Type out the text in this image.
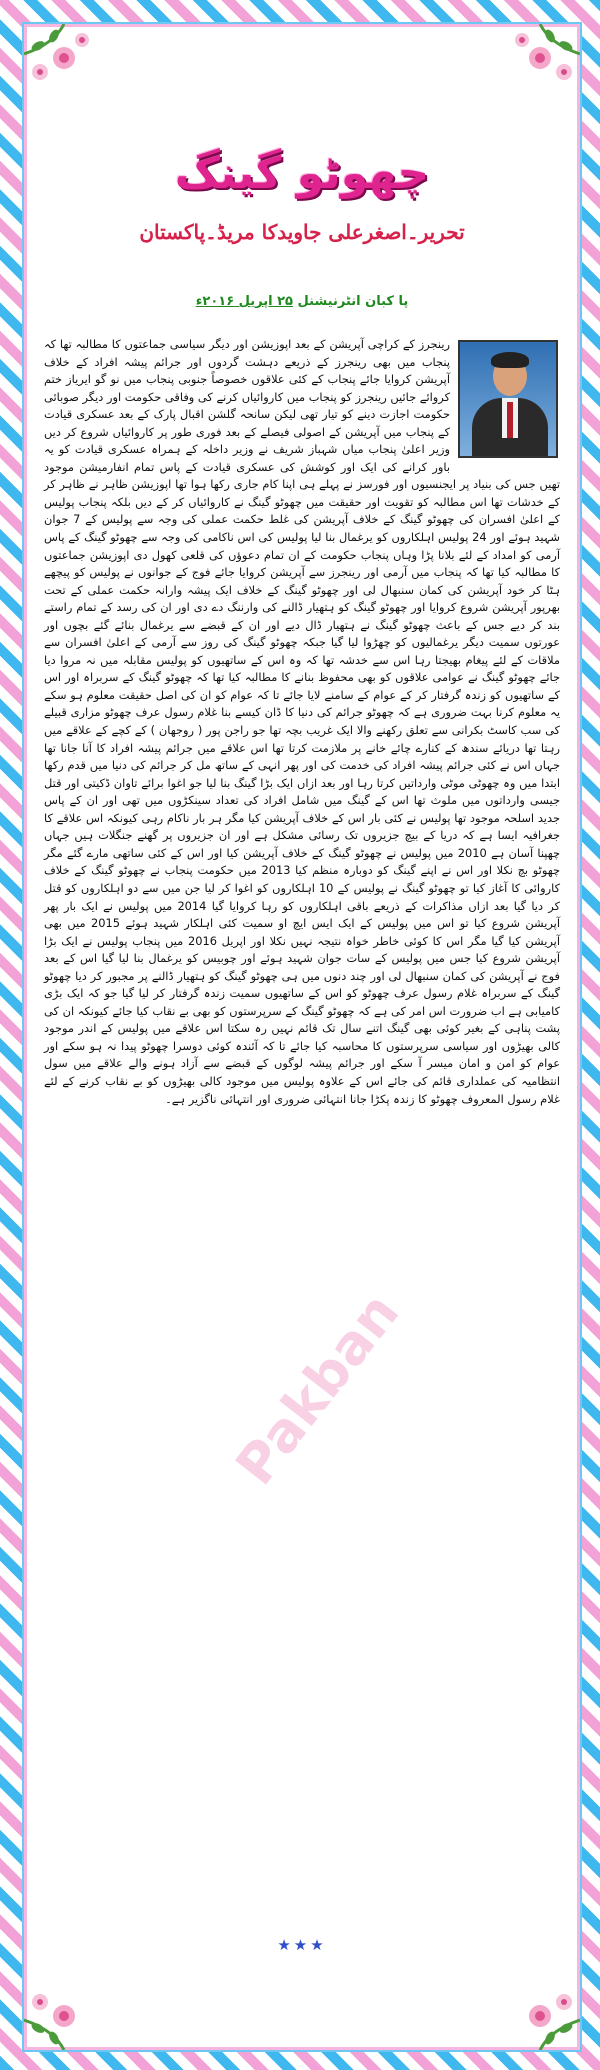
چھوٹو گینگ
تحریر۔اصغرعلی جاویدکا مریڈ۔پاکستان
پا کبان انٹرنیشنل ۲۵ اپریل ۲۰۱۶ء

رینجرز کے کراچی آپریشن کے بعد اپوزیشن اور دیگر سیاسی جماعتوں کا مطالبہ تھا کہ پنجاب میں بھی رینجرز کے ذریعے دہشت گردوں اور جرائم پیشہ افراد کے خلاف آپریشن کروایا جائے پنجاب کے کئی علاقوں خصوصاً جنوبی پنجاب میں نو گو ایریاز ختم کروائے جائیں رینجرز کو پنجاب میں کاروائیاں کرنے کی وفاقی حکومت اور دیگر صوبائی حکومت اجازت دینے کو تیار تھی لیکن سانحہ گلشن اقبال پارک کے بعد عسکری قیادت کے پنجاب میں آپریشن کے اصولی فیصلے کے بعد فوری طور پر کاروائیاں شروع کر دیں وزیر اعلیٰ پنجاب میاں شہباز شریف نے وزیر داخلہ کے ہمراہ عسکری قیادت کو یہ باور کرانے کی ایک اور کوشش کی عسکری قیادت کے پاس تمام انفارمیشن موجود تھیں جس کی بنیاد پر ایجنسیوں اور فورسز نے پہلے ہی اپنا کام جاری رکھا ہوا تھا اپوزیشن ظاہر نے ظاہر کر کے خدشات تھا اس مطالبہ کو تقویت اور حقیقت میں چھوٹو گینگ نے کاروائیاں کر کے دیں بلکہ پنجاب پولیس کے اعلیٰ افسران کی چھوٹو گینگ کے خلاف آپریشن کی غلط حکمت عملی کی وجہ سے پولیس کے 7 جوان شہید ہوئے اور 24 پولیس اہلکاروں کو یرغمال بنا لیا پولیس کی اس ناکامی کی وجہ سے چھوٹو گینگ کے پاس آرمی کو امداد کے لئے بلانا پڑا وہاں پنجاب حکومت کے ان تمام دعوؤں کی قلعی کھول دی اپوزیشن جماعتوں کا مطالبہ کیا تھا کہ پنجاب میں آرمی اور رینجرز سے آپریشن کروایا جائے فوج کے جوانوں نے پولیس کو پیچھے ہٹا کر خود آپریشن کی کمان سنبھال لی اور چھوٹو گینگ کے خلاف ایک پیشہ وارانہ حکمت عملی کے تحت بھرپور آپریشن شروع کروایا اور چھوٹو گینگ کو ہتھیار ڈالنے کی وارننگ دے دی اور ان کی رسد کے تمام راستے بند کر دیے جس کے باعث چھوٹو گینگ نے ہتھیار ڈال دیے اور ان کے قبضے سے یرغمال بنائے گئے بچوں اور عورتوں سمیت دیگر یرغمالیوں کو چھڑوا لیا گیا جبکہ چھوٹو گینگ کی روز سے آرمی کے اعلیٰ افسران سے ملاقات کے لئے پیغام بھیجتا رہا اس سے خدشہ تھا کہ وہ اس کے ساتھیوں کو پولیس مقابلہ میں نہ مروا دیا جائے چھوٹو گینگ نے عوامی علاقوں کو بھی محفوظ بنانے کا مطالبہ کیا تھا کہ چھوٹو گینگ کے سربراہ اور اس کے ساتھیوں کو زندہ گرفتار کر کے عوام کے سامنے لایا جائے تا کہ عوام کو ان کی اصل حقیقت معلوم ہو سکے یہ معلوم کرنا بہت ضروری ہے کہ چھوٹو جرائم کی دنیا کا ڈان کیسے بنا غلام رسول عرف چھوٹو مزاری قبیلے کی سب کاسٹ بکرانی سے تعلق رکھنے والا ایک غریب بچہ تھا جو راجن پور ( روجھان ) کے کچے کے علاقے میں رہتا تھا دریائے سندھ کے کنارے چائے خانے پر ملازمت کرتا تھا اس علاقے میں جرائم پیشہ افراد کا آنا جانا تھا جہاں اس نے کئی جرائم پیشہ افراد کی خدمت کی اور پھر انہی کے ساتھ مل کر جرائم کی دنیا میں قدم رکھا ابتدا میں وہ چھوٹی موٹی وارداتیں کرتا رہا اور بعد ازاں ایک بڑا گینگ بنا لیا جو اغوا برائے تاوان ڈکیتی اور قتل جیسی وارداتوں میں ملوث تھا اس کے گینگ میں شامل افراد کی تعداد سینکڑوں میں تھی اور ان کے پاس جدید اسلحہ موجود تھا پولیس نے کئی بار اس کے خلاف آپریشن کیا مگر ہر بار ناکام رہی کیونکہ اس علاقے کا جغرافیہ ایسا ہے کہ دریا کے بیچ جزیروں تک رسائی مشکل ہے اور ان جزیروں پر گھنے جنگلات ہیں جہاں چھپنا آسان ہے 2010 میں پولیس نے چھوٹو گینگ کے خلاف آپریشن کیا اور اس کے کئی ساتھی مارے گئے مگر چھوٹو بچ نکلا اور اس نے اپنے گینگ کو دوبارہ منظم کیا 2013 میں حکومت پنجاب نے چھوٹو گینگ کے خلاف کاروائی کا آغاز کیا تو چھوٹو گینگ نے پولیس کے 10 اہلکاروں کو اغوا کر لیا جن میں سے دو اہلکاروں کو قتل کر دیا گیا بعد ازاں مذاکرات کے ذریعے باقی اہلکاروں کو رہا کروایا گیا 2014 میں پولیس نے ایک بار پھر آپریشن شروع کیا تو اس میں پولیس کے ایک ایس ایچ او سمیت کئی اہلکار شہید ہوئے 2015 میں بھی آپریشن کیا گیا مگر اس کا کوئی خاطر خواہ نتیجہ نہیں نکلا اور اپریل 2016 میں پنجاب پولیس نے ایک بڑا آپریشن شروع کیا جس میں پولیس کے سات جوان شہید ہوئے اور چوبیس کو یرغمال بنا لیا گیا اس کے بعد فوج نے آپریشن کی کمان سنبھال لی اور چند دنوں میں ہی چھوٹو گینگ کو ہتھیار ڈالنے پر مجبور کر دیا چھوٹو گینگ کے سربراہ غلام رسول عرف چھوٹو کو اس کے ساتھیوں سمیت زندہ گرفتار کر لیا گیا جو کہ ایک بڑی کامیابی ہے اب ضرورت اس امر کی ہے کہ چھوٹو گینگ کے سرپرستوں کو بھی بے نقاب کیا جائے کیونکہ ان کی پشت پناہی کے بغیر کوئی بھی گینگ اتنے سال تک قائم نہیں رہ سکتا اس علاقے میں پولیس کے اندر موجود کالی بھیڑوں اور سیاسی سرپرستوں کا محاسبہ کیا جائے تا کہ آئندہ کوئی دوسرا چھوٹو پیدا نہ ہو سکے اور عوام کو امن و امان میسر آ سکے اور جرائم پیشہ لوگوں کے قبضے سے آزاد ہونے والے علاقے میں سول انتظامیہ کی عملداری قائم کی جائے اس کے علاوہ پولیس میں موجود کالی بھیڑوں کو بے نقاب کرنے کے لئے غلام رسول المعروف چھوٹو کا زندہ پکڑا جانا انتہائی ضروری اور انتہائی ناگزیر ہے۔

Pakban
★★★
